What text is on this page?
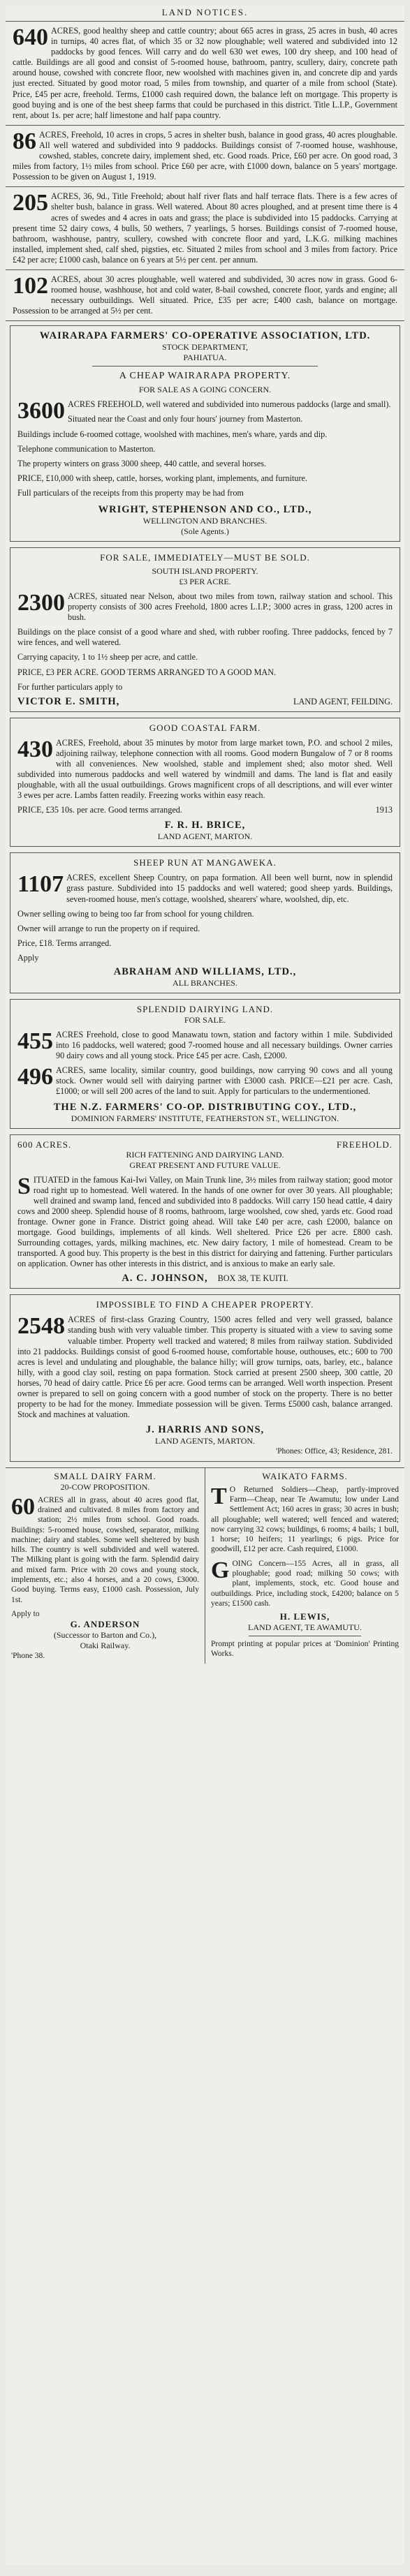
LAND NOTICES.

640 ACRES, good healthy sheep and cattle country; about 665 acres in grass, 25 acres in bush, 40 acres in turnips, 40 acres flat, of which 35 or 32 now ploughable; well watered and subdivided into 12 paddocks by good fences. Will carry and do well 630 wet ewes, 100 dry sheep, and 100 head of cattle. Buildings are all good and consist of 5-roomed house, bathroom, pantry, scullery, dairy, concrete path around house, cowshed with concrete floor, new woolshed with machines given in, and concrete dip and yards just erected. Situated by good motor road, 5 miles from township, and quarter of a mile from school (State). Price, £45 per acre, freehold. Terms, £1000 cash required down, the balance left on mortgage. This property is good buying and is one of the best sheep farms that could be purchased in this district. Title L.I.P., Government rent, about 1s. per acre; half limestone and half papa country.

86 ACRES, Freehold, 10 acres in crops, 5 acres in shelter bush, balance in good grass, 40 acres ploughable. All well watered and subdivided into 9 paddocks. Buildings consist of 7-roomed house, washhouse, cowshed, stables, concrete dairy, implement shed, etc. Good roads. Price, £60 per acre. On good road, 3 miles from factory, 1½ miles from school. Price £60 per acre, with £1000 down, balance on 5 years' mortgage. Possession to be given on August 1, 1919.

205 ACRES, 36, 9d., Title Freehold; about half river flats and half terrace flats. There is a few acres of shelter bush, balance in grass. Well watered. About 80 acres ploughed, and at present time there is 4 acres of swedes and 4 acres in oats and grass; the place is subdivided into 15 paddocks. Carrying at present time 52 dairy cows, 4 bulls, 50 wethers, 7 yearlings, 5 horses. Buildings consist of 7-roomed house, bathroom, washhouse, pantry, scullery, cowshed with concrete floor and yard, L.K.G. milking machines installed, implement shed, calf shed, pigsties, etc. Situated 2 miles from school and 3 miles from factory. Price £42 per acre; £1000 cash, balance on 6 years at 5½ per cent. per annum.

102 ACRES, about 30 acres ploughable, well watered and subdivided, 30 acres now in grass. Good 6-roomed house, washhouse, hot and cold water, 8-bail cowshed, concrete floor, yards and engine; all necessary outbuildings. Well situated. Price, £35 per acre; £400 cash, balance on mortgage. Possession to be arranged at 5½ per cent.

WAIRARAPA FARMERS' CO-OPERATIVE ASSOCIATION, LTD.
STOCK DEPARTMENT,
PAHIATUA.
A CHEAP WAIRARAPA PROPERTY.
FOR SALE AS A GOING CONCERN.

3600 ACRES FREEHOLD, well watered and subdivided into numerous paddocks (large and small).

Situated near the Coast and only four hours' journey from Masterton.

Buildings include 6-roomed cottage, woolshed with machines, men's whare, yards and dip.

Telephone communication to Masterton.

The property winters on grass 3000 sheep, 440 cattle, and several horses.

PRICE, £10,000 with sheep, cattle, horses, working plant, implements, and furniture.

Full particulars of the receipts from this property may be had from

WRIGHT, STEPHENSON AND CO., LTD.,
WELLINGTON AND BRANCHES.
(Sole Agents.)
FOR SALE, IMMEDIATELY—MUST BE SOLD.
SOUTH ISLAND PROPERTY.
£3 PER ACRE.

2300 ACRES, situated near Nelson, about two miles from town, railway station and school. This property consists of 300 acres Freehold, 1800 acres L.I.P.; 3000 acres in grass, 1200 acres in bush.

Buildings on the place consist of a good whare and shed, with rubber roofing. Three paddocks, fenced by 7 wire fences, and well watered.

Carrying capacity, 1 to 1½ sheep per acre, and cattle.

PRICE, £3 PER ACRE. GOOD TERMS ARRANGED TO A GOOD MAN.

For further particulars apply to

VICTOR E. SMITH,	LAND AGENT, FEILDING.
GOOD COASTAL FARM.

430 ACRES, Freehold, about 35 minutes by motor from large market town, P.O. and school 2 miles, adjoining railway, telephone connection with all rooms. Good modern Bungalow of 7 or 8 rooms with all conveniences. New woolshed, stable and implement shed; also motor shed. Well subdivided into numerous paddocks and well watered by windmill and dams. The land is flat and easily ploughable, with all the usual outbuildings. Grows magnificent crops of all descriptions, and will ever winter 3 ewes per acre. Lambs fatten readily. Freezing works within easy reach.

PRICE, £35 10s. per acre. Good terms arranged.	1913
F. R. H. BRICE,
LAND AGENT, MARTON.
SHEEP RUN AT MANGAWEKA.

1107 ACRES, excellent Sheep Country, on papa formation. All been well burnt, now in splendid grass pasture. Subdivided into 15 paddocks and well watered; good sheep yards. Buildings, seven-roomed house, men's cottage, woolshed, shearers' whare, woolshed, dip, etc.

Owner selling owing to being too far from school for young children.

Owner will arrange to run the property on if required.

Price, £18. Terms arranged.

Apply

ABRAHAM AND WILLIAMS, LTD.,
ALL BRANCHES.
SPLENDID DAIRYING LAND.
FOR SALE.

455 ACRES Freehold, close to good Manawatu town, station and factory within 1 mile. Subdivided into 16 paddocks, well watered; good 7-roomed house and all necessary buildings. Owner carries 90 dairy cows and all young stock. Price £45 per acre. Cash, £2000.

496 ACRES, same locality, similar country, good buildings, now carrying 90 cows and all young stock. Owner would sell with dairying partner with £3000 cash. PRICE—£21 per acre. Cash, £1000; or will sell 200 acres of the land to suit. Apply for particulars to the undermentioned.

THE N.Z. FARMERS' CO-OP. DISTRIBUTING COY., LTD.,
DOMINION FARMERS' INSTITUTE, FEATHERSTON ST., WELLINGTON.
600 ACRES.	FREEHOLD.
RICH FATTENING AND DAIRYING LAND.
GREAT PRESENT AND FUTURE VALUE.

SITUATED in the famous Kai-Iwi Valley, on Main Trunk line, 3½ miles from railway station; good motor road right up to homestead. Well watered. In the hands of one owner for over 30 years. All ploughable; well drained and swamp land, fenced and subdivided into 8 paddocks. Will carry 150 head cattle, 4 dairy cows and 2000 sheep. Splendid house of 8 rooms, bathroom, large woolshed, cow shed, yards etc. Good road frontage. Owner gone in France. District going ahead. Will take £40 per acre, cash £2000, balance on mortgage. Good buildings, implements of all kinds. Well sheltered. Price £26 per acre. £800 cash. Surrounding cottages, yards, milking machines, etc. New dairy factory, 1 mile of homestead. Cream to be transported. A good buy. This property is the best in this district for dairying and fattening. Further particulars on application. Owner has other interests in this district, and is anxious to make an early sale.

A. C. JOHNSON, BOX 38, TE KUITI.
IMPOSSIBLE TO FIND A CHEAPER PROPERTY.

2548 ACRES of first-class Grazing Country, 1500 acres felled and very well grassed, balance standing bush with very valuable timber. This property is situated with a view to saving some valuable timber. Property well tracked and watered; 8 miles from railway station. Subdivided into 21 paddocks. Buildings consist of good 6-roomed house, comfortable house, outhouses, etc.; 600 to 700 acres is level and undulating and ploughable, the balance hilly; will grow turnips, oats, barley, etc., balance hilly, with a good clay soil, resting on papa formation. Stock carried at present 2500 sheep, 300 cattle, 20 horses, 70 head of dairy cattle. Price £6 per acre. Good terms can be arranged. Well worth inspection. Present owner is prepared to sell on going concern with a good number of stock on the property. There is no better property to be had for the money. Immediate possession will be given. Terms £5000 cash, balance arranged. Stock and machines at valuation.

J. HARRIS AND SONS,
LAND AGENTS, MARTON.
'Phones: Office, 43; Residence, 281.
SMALL DAIRY FARM.
20-COW PROPOSITION.

60 ACRES all in grass, about 40 acres good flat, drained and cultivated. 8 miles from factory and station; 2½ miles from school. Good roads. Buildings: 5-roomed house, cowshed, separator, milking machine; dairy and stables. Some well sheltered by bush hills. The country is well subdivided and well watered. The Milking plant is going with the farm. Splendid dairy and mixed farm. Price with 20 cows and young stock, implements, etc.; also 4 horses, and a 20 cows, £3000. Good buying. Terms easy, £1000 cash. Possession, July 1st.

Apply to

G. ANDERSON
(Successor to Barton and Co.),
Otaki Railway.
'Phone 38.
WAIKATO FARMS.

T O Returned Soldiers—Cheap, partly-improved Farm—Cheap, near Te Awamutu; low under Land Settlement Act; 160 acres in grass; 30 acres in bush; all ploughable; well watered; well fenced and watered; now carrying 32 cows; buildings, 6 rooms; 4 bails; 1 bull, 1 horse; 10 heifers; 11 yearlings; 6 pigs. Price for goodwill, £12 per acre. Cash required, £1000.

GOING Concern—155 Acres, all in grass, all ploughable; good road; milking 50 cows; with plant, implements, stock, etc. Good house and outbuildings. Price, including stock, £4200; balance on 5 years; £1500 cash.

H. LEWIS,
LAND AGENT, TE AWAMUTU.

Prompt printing at popular prices at 'Dominion' Printing Works.
